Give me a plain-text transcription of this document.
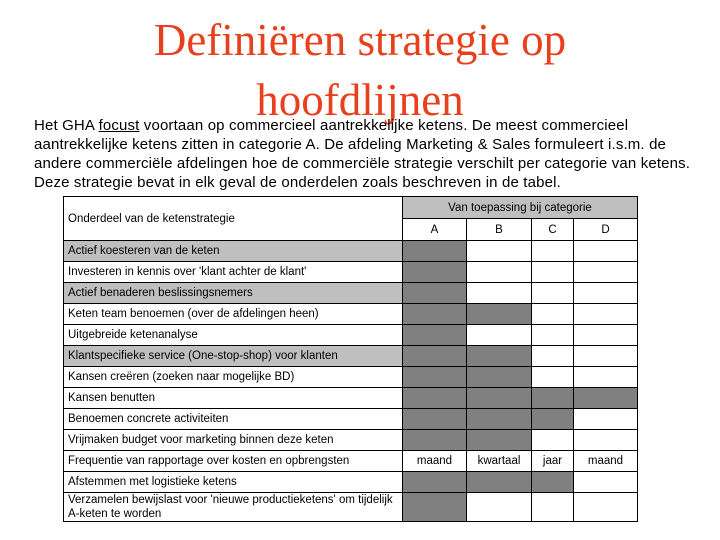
Definiëren strategie op
hoofdlijnen
Het GHA focust voortaan op commercieel aantrekkelijke ketens. De meest commercieel aantrekkelijke ketens zitten in categorie A. De afdeling Marketing & Sales formuleert i.s.m. de andere commerciële afdelingen hoe de commerciële strategie verschilt per categorie van ketens. Deze strategie bevat in elk geval de onderdelen zoals beschreven in de tabel.
Onderdeel van de ketenstrategie	Van toepassing bij categorie			
	A	B	C	D

Actief koesteren van de keten				

Investeren in kennis over 'klant achter de klant'				

Actief benaderen beslissingsnemers				

Keten team benoemen (over de afdelingen heen)				

Uitgebreide ketenanalyse				

Klantspecifieke service (One-stop-shop) voor klanten				

Kansen creëren (zoeken naar mogelijke BD)				

Kansen benutten				

Benoemen concrete activiteiten				

Vrijmaken budget voor marketing binnen deze keten				

Frequentie van rapportage over kosten en opbrengsten	maand	kwartaal	jaar	maand

Afstemmen met logistieke ketens				

Verzamelen bewijslast voor 'nieuwe productieketens' om tijdelijk A-keten te worden				
